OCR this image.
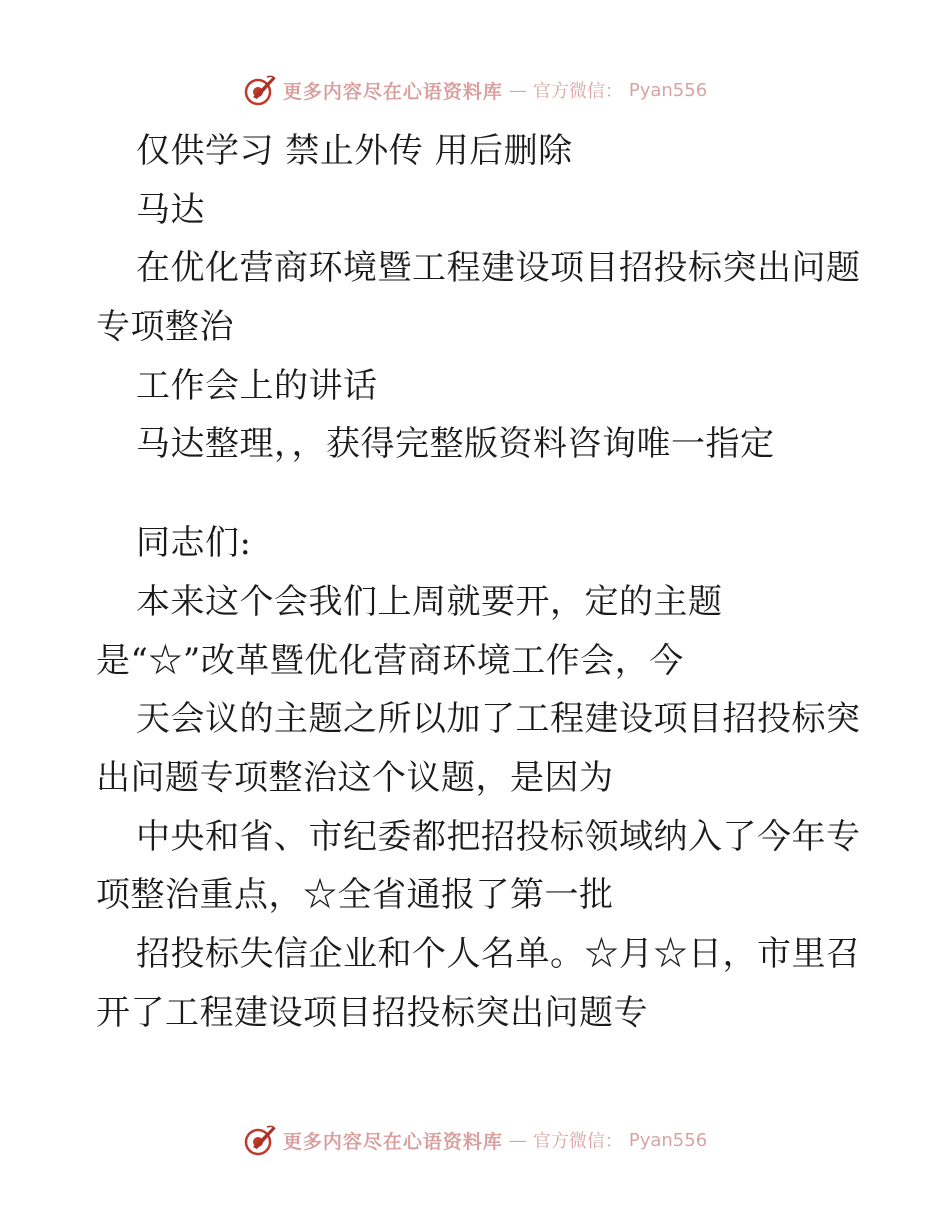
更多内容尽在心语资料库 — 官方微信： Pyan556
仅供学习 禁止外传 用后删除
马达
在优化营商环境暨工程建设项目招投标突出问题
专项整治
工作会上的讲话
马达整理，，获得完整版资料咨询唯一指定
同志们:
本来这个会我们上周就要开，定的主题
是“☆”改革暨优化营商环境工作会，今
天会议的主题之所以加了工程建设项目招投标突
出问题专项整治这个议题，是因为
中央和省、市纪委都把招投标领域纳入了今年专
项整治重点，☆全省通报了第一批
招投标失信企业和个人名单。☆月☆日，市里召
开了工程建设项目招投标突出问题专
更多内容尽在心语资料库 — 官方微信： Pyan556
